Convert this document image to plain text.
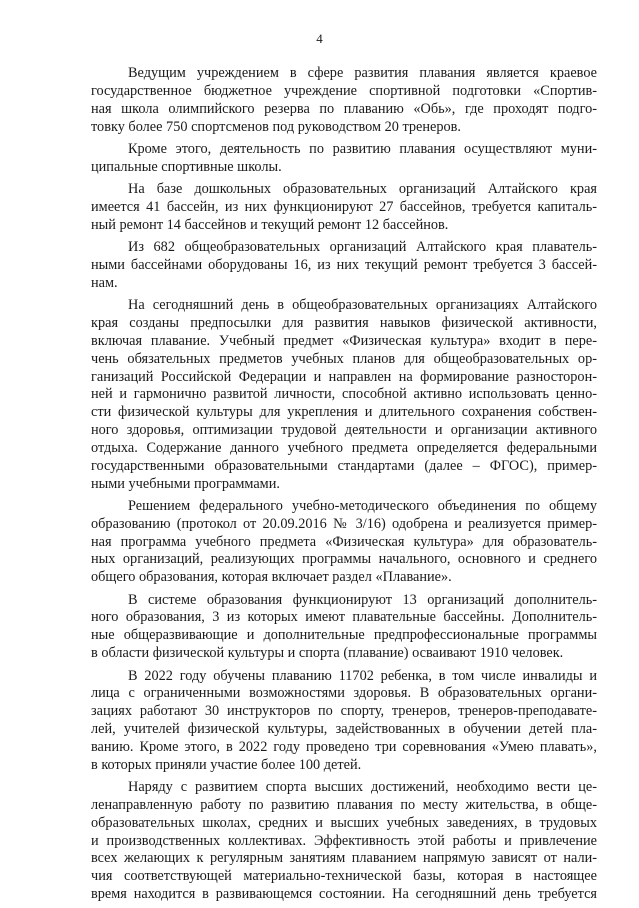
4

Ведущим учреждением в сфере развития плавания является краевое
государственное бюджетное учреждение спортивной подготовки «Спортив-
ная школа олимпийского резерва по плаванию «Обь», где проходят подго-
товку более 750 спортсменов под руководством 20 тренеров.

Кроме этого, деятельность по развитию плавания осуществляют муни-
ципальные спортивные школы.

На базе дошкольных образовательных организаций Алтайского края
имеется 41 бассейн, из них функционируют 27 бассейнов, требуется капиталь-
ный ремонт 14 бассейнов и текущий ремонт 12 бассейнов.

Из 682 общеобразовательных организаций Алтайского края плаватель-
ными бассейнами оборудованы 16, из них текущий ремонт требуется 3 бассей-
нам.

На сегодняшний день в общеобразовательных организациях Алтайского
края созданы предпосылки для развития навыков физической активности,
включая плавание. Учебный предмет «Физическая культура» входит в пере-
чень обязательных предметов учебных планов для общеобразовательных ор-
ганизаций Российской Федерации и направлен на формирование разносторон-
ней и гармонично развитой личности, способной активно использовать ценно-
сти физической культуры для укрепления и длительного сохранения собствен-
ного здоровья, оптимизации трудовой деятельности и организации активного
отдыха. Содержание данного учебного предмета определяется федеральными
государственными образовательными стандартами (далее – ФГОС), пример-
ными учебными программами.

Решением федерального учебно-методического объединения по общему
образованию (протокол от 20.09.2016 № 3/16) одобрена и реализуется пример-
ная программа учебного предмета «Физическая культура» для образователь-
ных организаций, реализующих программы начального, основного и среднего
общего образования, которая включает раздел «Плавание».

В системе образования функционируют 13 организаций дополнитель-
ного образования, 3 из которых имеют плавательные бассейны. Дополнитель-
ные общеразвивающие и дополнительные предпрофессиональные программы
в области физической культуры и спорта (плавание) осваивают 1910 человек.

В 2022 году обучены плаванию 11702 ребенка, в том числе инвалиды и
лица с ограниченными возможностями здоровья. В образовательных органи-
зациях работают 30 инструкторов по спорту, тренеров, тренеров-преподавате-
лей, учителей физической культуры, задействованных в обучении детей пла-
ванию. Кроме этого, в 2022 году проведено три соревнования «Умею плавать»,
в которых приняли участие более 100 детей.

Наряду с развитием спорта высших достижений, необходимо вести це-
ленаправленную работу по развитию плавания по месту жительства, в обще-
образовательных школах, средних и высших учебных заведениях, в трудовых
и производственных коллективах. Эффективность этой работы и привлечение
всех желающих к регулярным занятиям плаванием напрямую зависят от нали-
чия соответствующей материально-технической базы, которая в настоящее
время находится в развивающемся состоянии. На сегодняшний день требуется
